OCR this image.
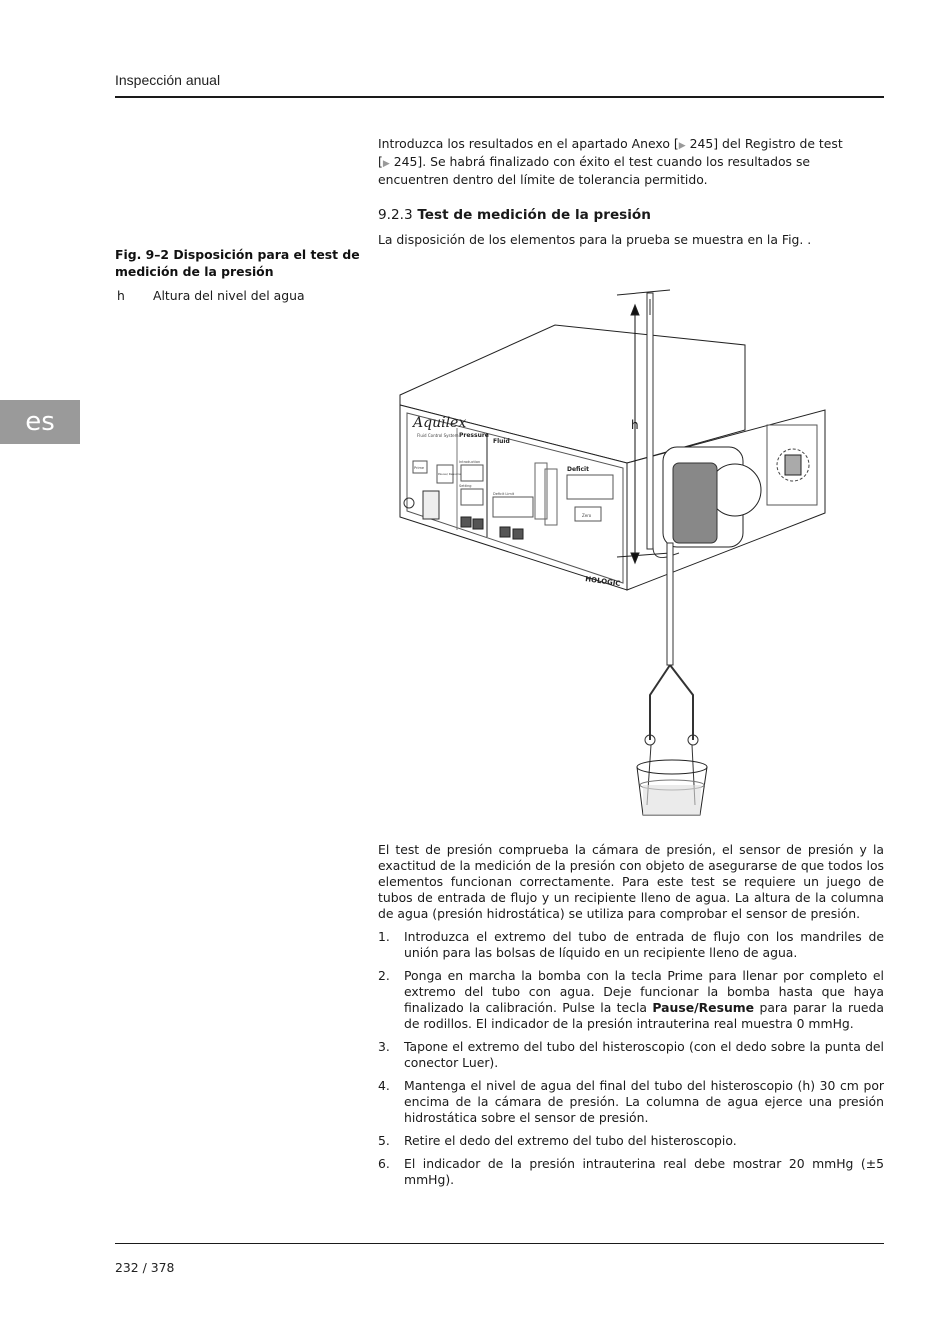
Inspección anual
es
Introduzca los resultados en el apartado Anexo [▶ 245] del Registro de test [▶ 245]. Se habrá finalizado con éxito el test cuando los resultados se encuentren dentro del límite de tolerancia permitido.
9.2.3 Test de medición de la presión
La disposición de los elementos para la prueba se muestra en la Fig. .
Fig. 9–2 Disposición para el test de medición de la presión
h	Altura del nivel del agua
Aquilex
Fluid Control System Pressure
Fluid
Deficit
Introduction
Setting
Deficit Limit
Prime
Pause/ Resume
Zero
HOLOGIC
h
El test de presión comprueba la cámara de presión, el sensor de presión y la exactitud de la medición de la presión con objeto de asegurarse de que todos los elementos funcionan correctamente. Para este test se requiere un juego de tubos de entrada de flujo y un recipiente lleno de agua. La altura de la columna de agua (presión hidrostática) se utiliza para comprobar el sensor de presión.
1.	Introduzca el extremo del tubo de entrada de flujo con los mandriles de unión para las bolsas de líquido en un recipiente lleno de agua.
2.	Ponga en marcha la bomba con la tecla Prime para llenar por completo el extremo del tubo con agua. Deje funcionar la bomba hasta que haya finalizado la calibración. Pulse la tecla Pause/Resume para parar la rueda de rodillos. El indicador de la presión intrauterina real muestra 0 mmHg.
3.	Tapone el extremo del tubo del histeroscopio (con el dedo sobre la punta del conector Luer).
4.	Mantenga el nivel de agua del final del tubo del histeroscopio (h) 30 cm por encima de la cámara de presión. La columna de agua ejerce una presión hidrostática sobre el sensor de presión.
5.	Retire el dedo del extremo del tubo del histeroscopio.
6.	El indicador de la presión intrauterina real debe mostrar 20 mmHg (±5 mmHg).
232 / 378
